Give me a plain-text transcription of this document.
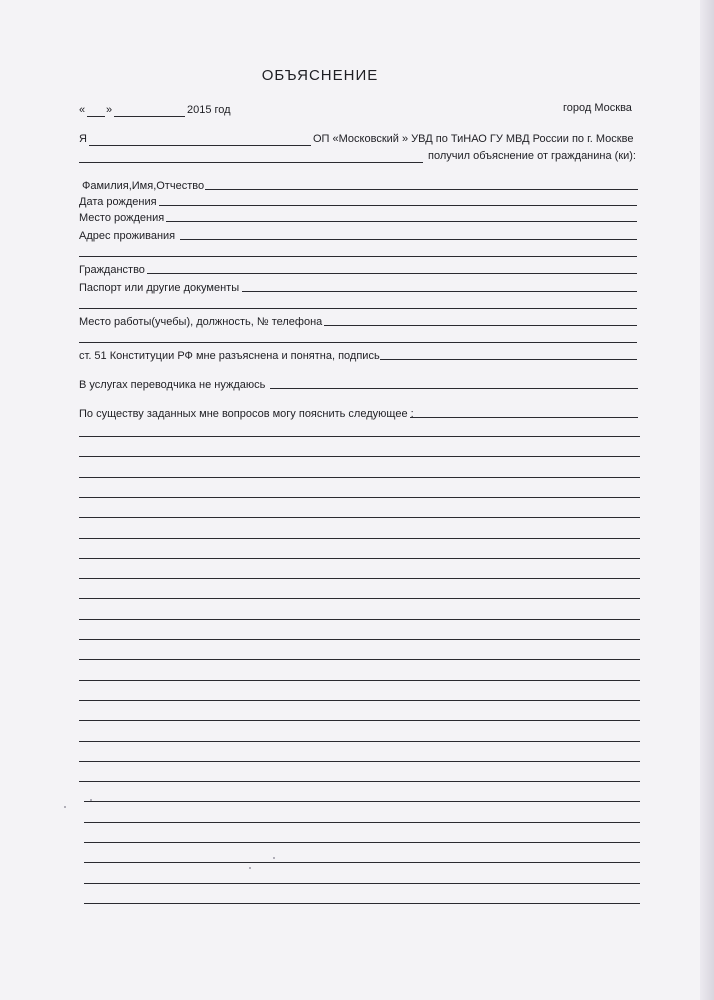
ОБЪЯСНЕНИЕ
« »	2015 год	город Москва
Я	ОП «Московский » УВД по ТиНАО ГУ МВД России по г. Москве
получил объяснение от гражданина (ки):
Фамилия,Имя,Отчество
Дата рождения
Место рождения
Адрес проживания
Гражданство
Паспорт или другие документы
Место работы(учебы), должность, № телефона
ст. 51 Конституции РФ мне разъяснена и понятна, подпись
В услугах переводчика не нуждаюсь
По существу заданных мне вопросов могу пояснить следующее :
